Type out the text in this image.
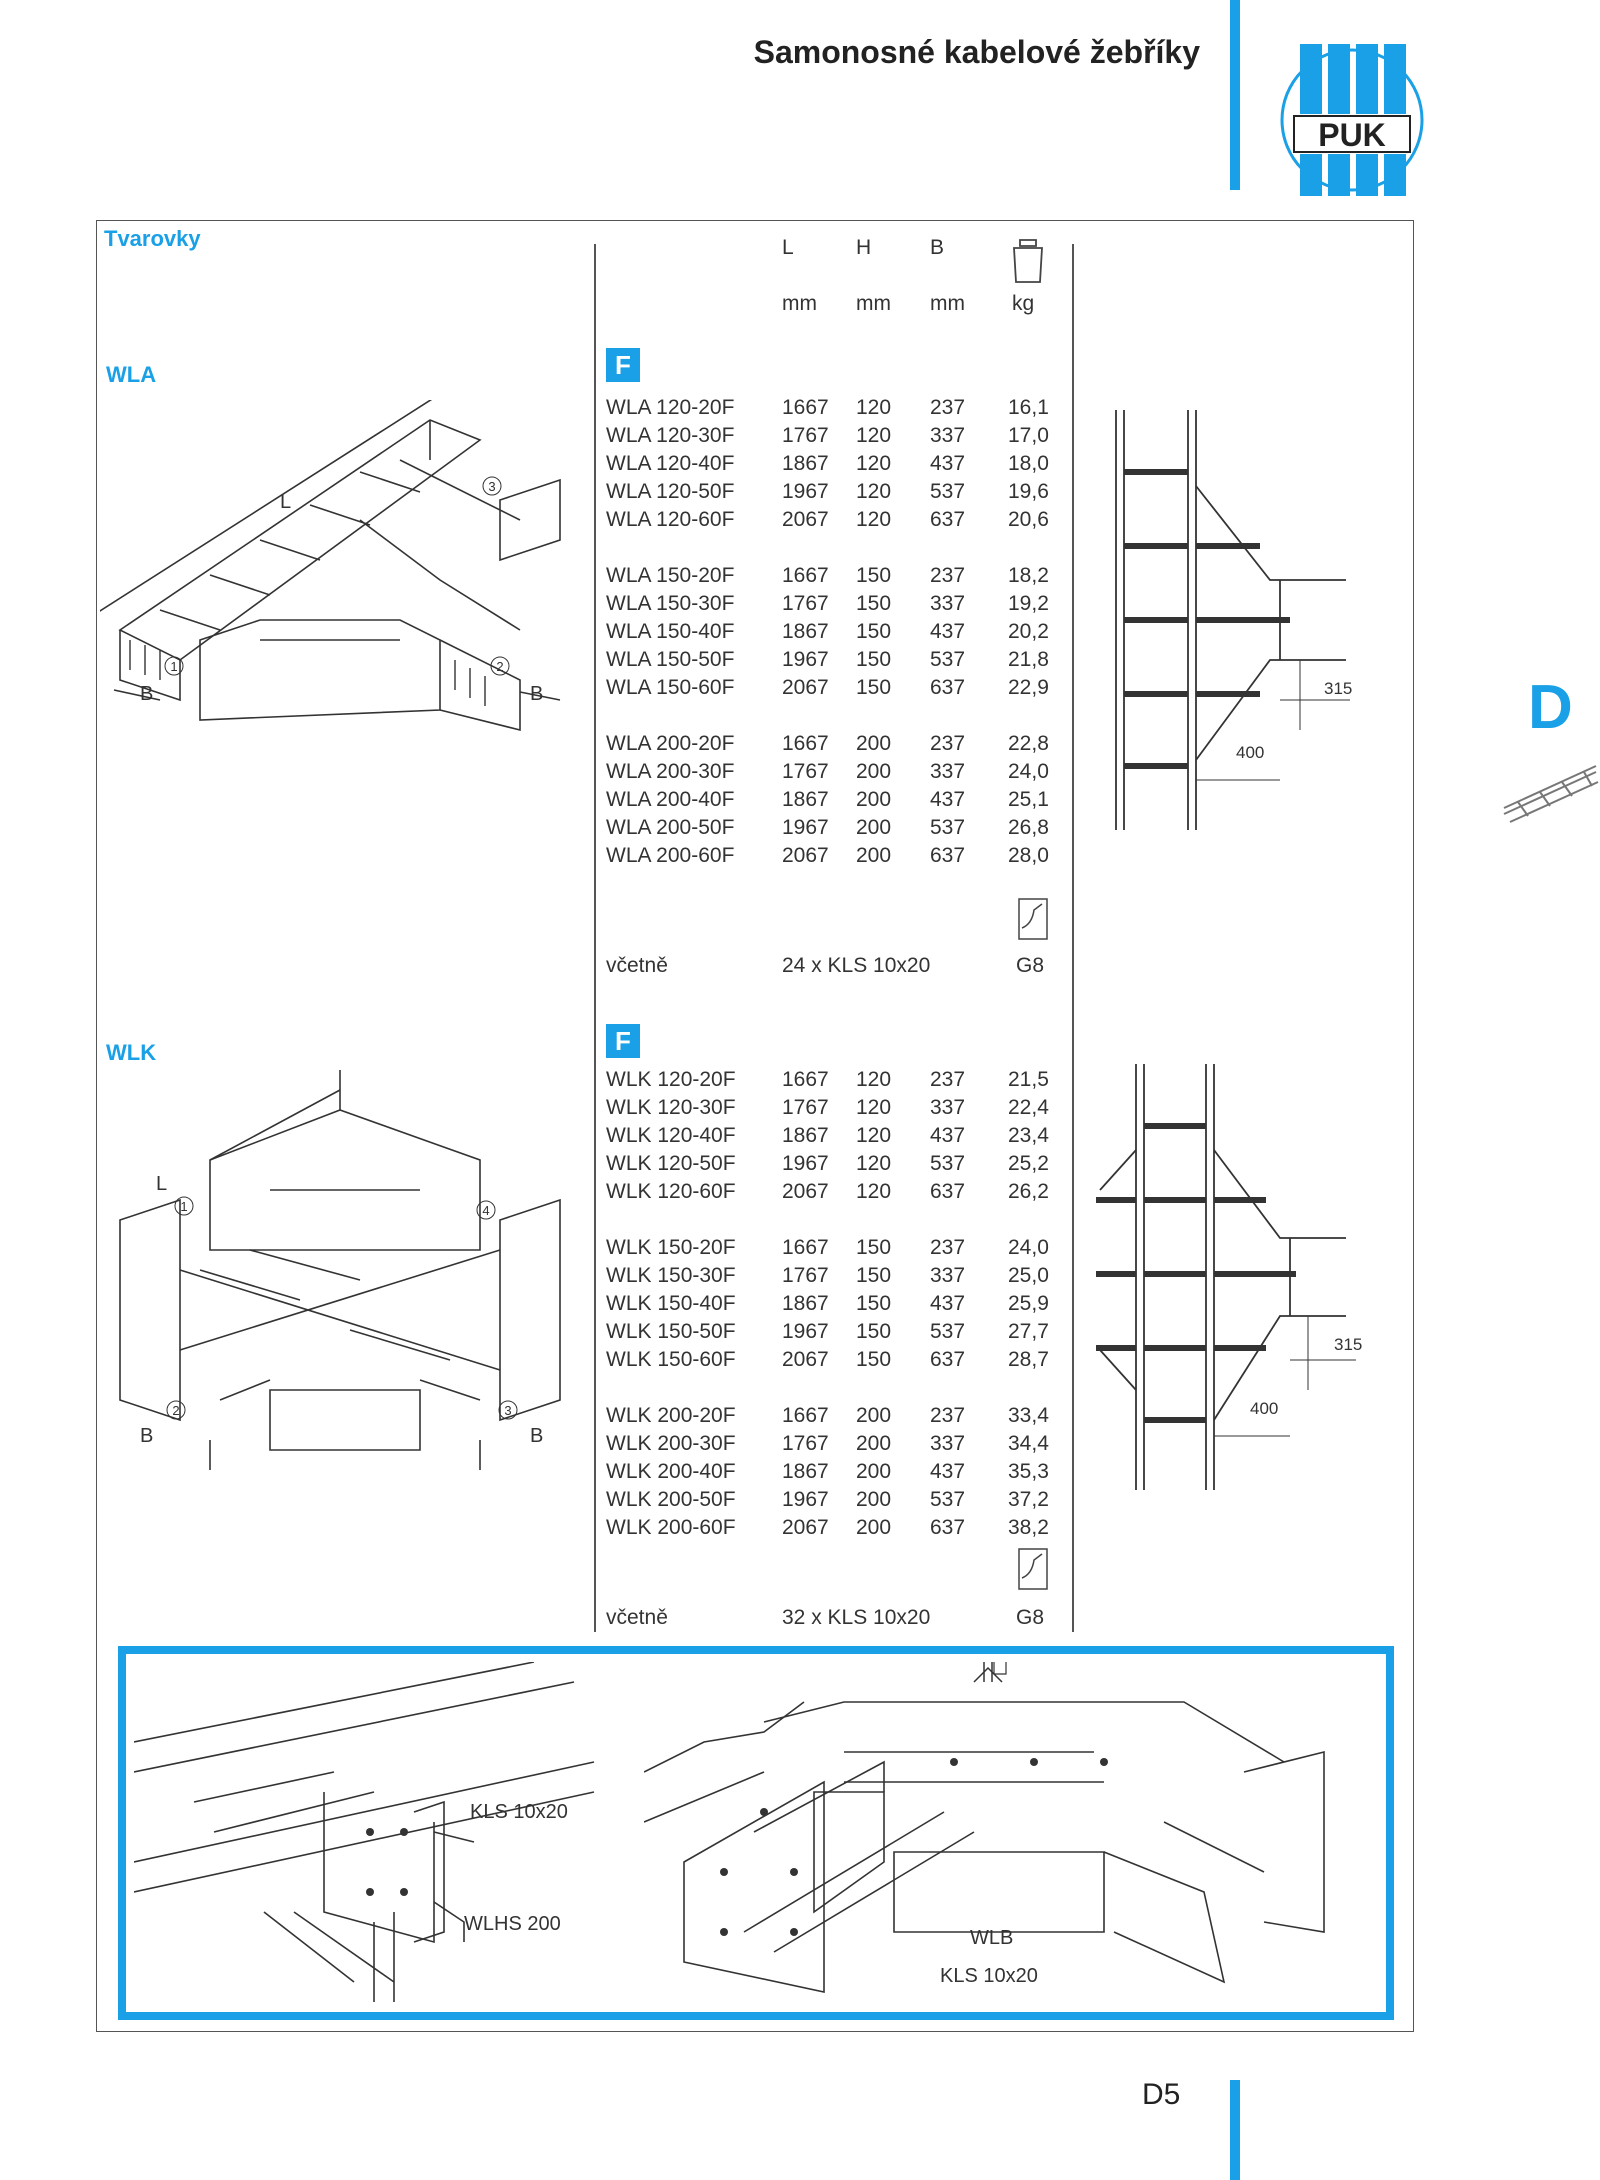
Samonosné kabelové žebříky
PUK
D
Tvarovky	L	H	B
mm mm mm kg
WLA	F
WLA 120-20F 1667 120 237 16,1
WLA 120-30F 1767 120 337 17,0
WLA 120-40F 1867 120 437 18,0
WLA 120-50F 1967 120 537 19,6
WLA 120-60F 2067 120 637 20,6
WLA 150-20F 1667 150 237 18,2
WLA 150-30F 1767 150 337 19,2
WLA 150-40F 1867 150 437 20,2
WLA 150-50F 1967 150 537 21,8
WLA 150-60F 2067 150 637 22,9
WLA 200-20F 1667 200 237 22,8
WLA 200-30F 1767 200 337 24,0
WLA 200-40F 1867 200 437 25,1
WLA 200-50F 1967 200 537 26,8
WLA 200-60F 2067 200 637 28,0
včetně	24 x KLS 10x20	G8
L
B	B
1	2
3
315
400
WLK	F
WLK 120-20F 1667 120 237 21,5
WLK 120-30F 1767 120 337 22,4
WLK 120-40F 1867 120 437 23,4
WLK 120-50F 1967 120 537 25,2
WLK 120-60F 2067 120 637 26,2
WLK 150-20F 1667 150 237 24,0
WLK 150-30F 1767 150 337 25,0
WLK 150-40F 1867 150 437 25,9
WLK 150-50F 1967 150 537 27,7
WLK 150-60F 2067 150 637 28,7
WLK 200-20F 1667 200 237 33,4
WLK 200-30F 1767 200 337 34,4
WLK 200-40F 1867 200 437 35,3
WLK 200-50F 1967 200 537 37,2
WLK 200-60F 2067 200 637 38,2
včetně	32 x KLS 10x20	G8
L
B	B
1
2	3
4
315
400
KLS 10x20
WLHS 200
WLB
KLS 10x20
D5
